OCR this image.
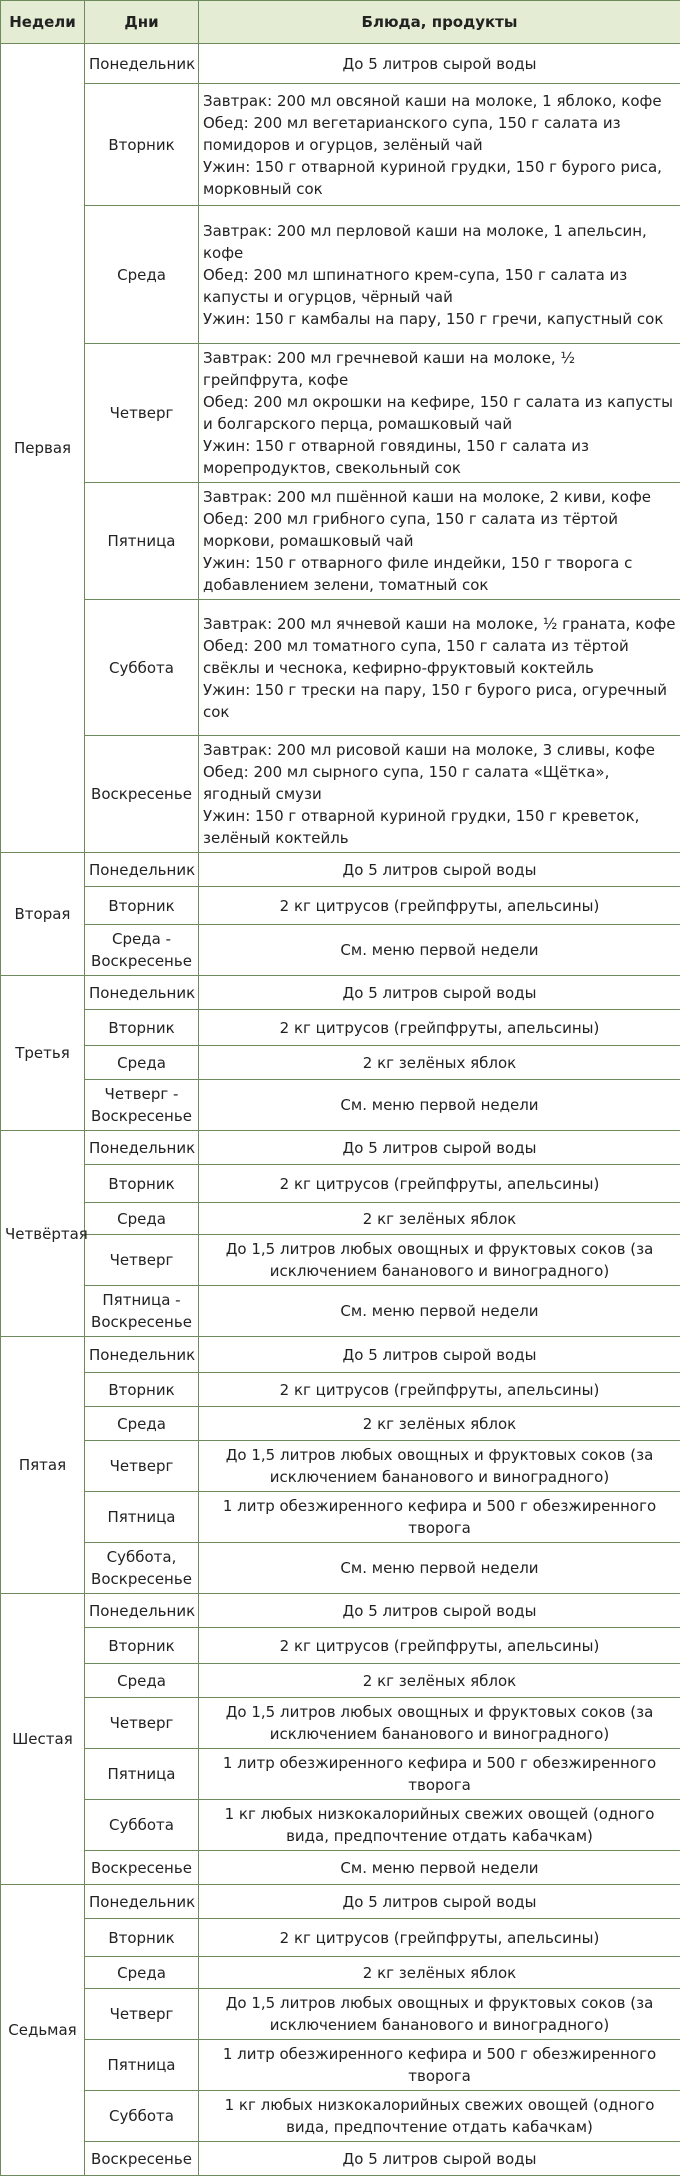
Недели	Дни	Блюда, продукты
Первая	Понедельник	До 5 литров сырой воды

	Вторник	Завтрак: 200 мл овсяной каши на молоке, 1 яблоко, кофе
Обед: 200 мл вегетарианского супа, 150 г салата из помидоров и огурцов, зелёный чай
Ужин: 150 г отварной куриной грудки, 150 г бурого риса, морковный сок

	Среда	Завтрак: 200 мл перловой каши на молоке, 1 апельсин, кофе
Обед: 200 мл шпинатного крем-супа, 150 г салата из капусты и огурцов, чёрный чай
Ужин: 150 г камбалы на пару, 150 г гречи, капустный сок

	Четверг	Завтрак: 200 мл гречневой каши на молоке, ½ грейпфрута, кофе
Обед: 200 мл окрошки на кефире, 150 г салата из капусты и болгарского перца, ромашковый чай
Ужин: 150 г отварной говядины, 150 г салата из морепродуктов, свекольный сок

	Пятница	Завтрак: 200 мл пшённой каши на молоке, 2 киви, кофе
Обед: 200 мл грибного супа, 150 г салата из тёртой моркови, ромашковый чай
Ужин: 150 г отварного филе индейки, 150 г творога с добавлением зелени, томатный сок

	Суббота	Завтрак: 200 мл ячневой каши на молоке, ½ граната, кофе
Обед: 200 мл томатного супа, 150 г салата из тёртой свёклы и чеснока, кефирно-фруктовый коктейль
Ужин: 150 г трески на пару, 150 г бурого риса, огуречный сок

	Воскресенье	Завтрак: 200 мл рисовой каши на молоке, 3 сливы, кофе
Обед: 200 мл сырного супа, 150 г салата «Щётка», ягодный смузи
Ужин: 150 г отварной куриной грудки, 150 г креветок, зелёный коктейль

Вторая	Понедельник	До 5 литров сырой воды

	Вторник	2 кг цитрусов (грейпфруты, апельсины)

	Среда - Воскресенье	См. меню первой недели

Третья	Понедельник	До 5 литров сырой воды

	Вторник	2 кг цитрусов (грейпфруты, апельсины)

	Среда	2 кг зелёных яблок

	Четверг - Воскресенье	См. меню первой недели

Четвёртая	Понедельник	До 5 литров сырой воды

	Вторник	2 кг цитрусов (грейпфруты, апельсины)

	Среда	2 кг зелёных яблок

	Четверг	До 1,5 литров любых овощных и фруктовых соков (за исключением бананового и виноградного)

	Пятница - Воскресенье	См. меню первой недели

Пятая	Понедельник	До 5 литров сырой воды

	Вторник	2 кг цитрусов (грейпфруты, апельсины)

	Среда	2 кг зелёных яблок

	Четверг	До 1,5 литров любых овощных и фруктовых соков (за исключением бананового и виноградного)

	Пятница	1 литр обезжиренного кефира и 500 г обезжиренного творога

	Суббота, Воскресенье	См. меню первой недели

Шестая	Понедельник	До 5 литров сырой воды

	Вторник	2 кг цитрусов (грейпфруты, апельсины)

	Среда	2 кг зелёных яблок

	Четверг	До 1,5 литров любых овощных и фруктовых соков (за исключением бананового и виноградного)

	Пятница	1 литр обезжиренного кефира и 500 г обезжиренного творога

	Суббота	1 кг любых низкокалорийных свежих овощей (одного вида, предпочтение отдать кабачкам)

	Воскресенье	См. меню первой недели

Седьмая	Понедельник	До 5 литров сырой воды

	Вторник	2 кг цитрусов (грейпфруты, апельсины)

	Среда	2 кг зелёных яблок

	Четверг	До 1,5 литров любых овощных и фруктовых соков (за исключением бананового и виноградного)

	Пятница	1 литр обезжиренного кефира и 500 г обезжиренного творога

	Суббота	1 кг любых низкокалорийных свежих овощей (одного вида, предпочтение отдать кабачкам)

	Воскресенье	До 5 литров сырой воды
